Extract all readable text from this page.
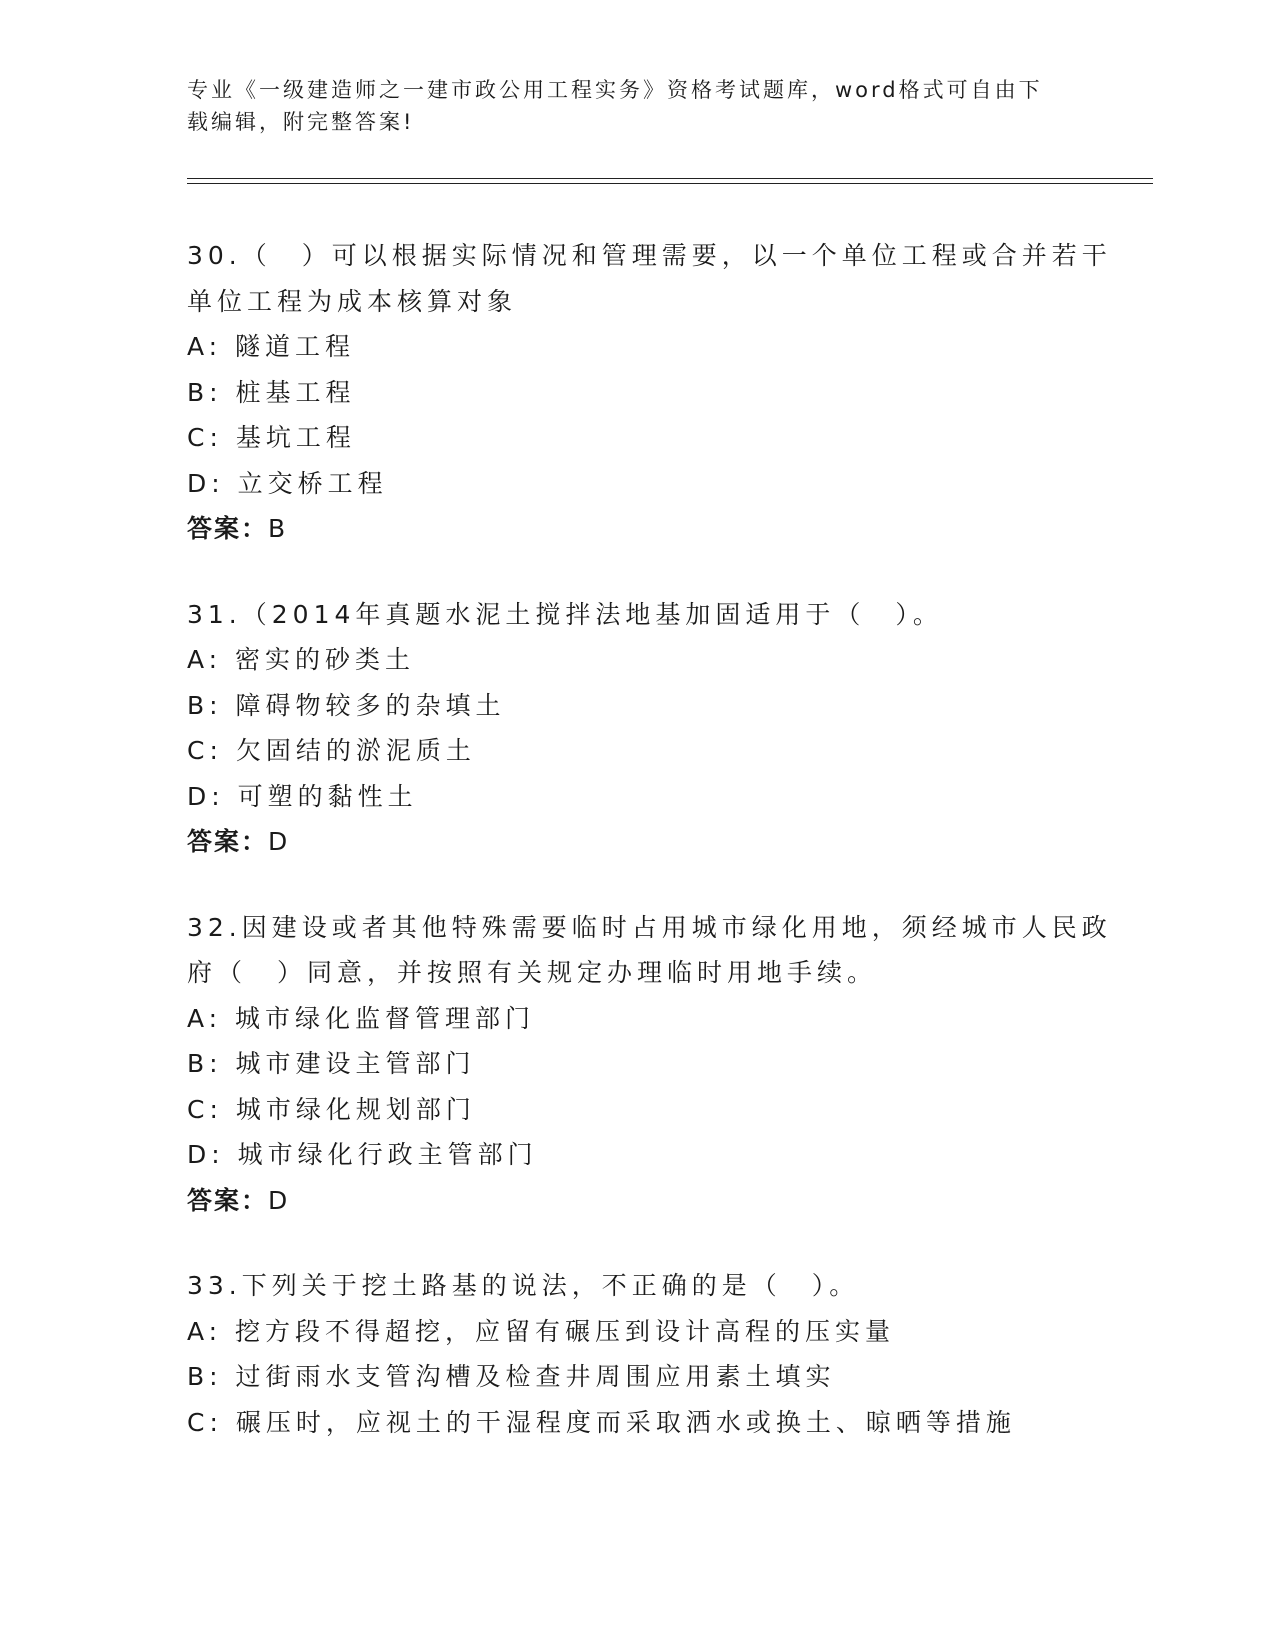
专业《一级建造师之一建市政公用工程实务》资格考试题库，word格式可自由下
载编辑，附完整答案!
30.（　）可以根据实际情况和管理需要，以一个单位工程或合并若干
单位工程为成本核算对象
A: 隧道工程
B: 桩基工程
C: 基坑工程
D: 立交桥工程
答案：B
31.（2014年真题水泥土搅拌法地基加固适用于（　）。
A: 密实的砂类土
B: 障碍物较多的杂填土
C: 欠固结的淤泥质土
D: 可塑的黏性土
答案：D
32.因建设或者其他特殊需要临时占用城市绿化用地，须经城市人民政
府（　）同意，并按照有关规定办理临时用地手续。
A: 城市绿化监督管理部门
B: 城市建设主管部门
C: 城市绿化规划部门
D: 城市绿化行政主管部门
答案：D
33.下列关于挖土路基的说法，不正确的是（　）。
A: 挖方段不得超挖，应留有碾压到设计高程的压实量
B: 过街雨水支管沟槽及检查井周围应用素土填实
C: 碾压时，应视土的干湿程度而采取洒水或换土、晾晒等措施
